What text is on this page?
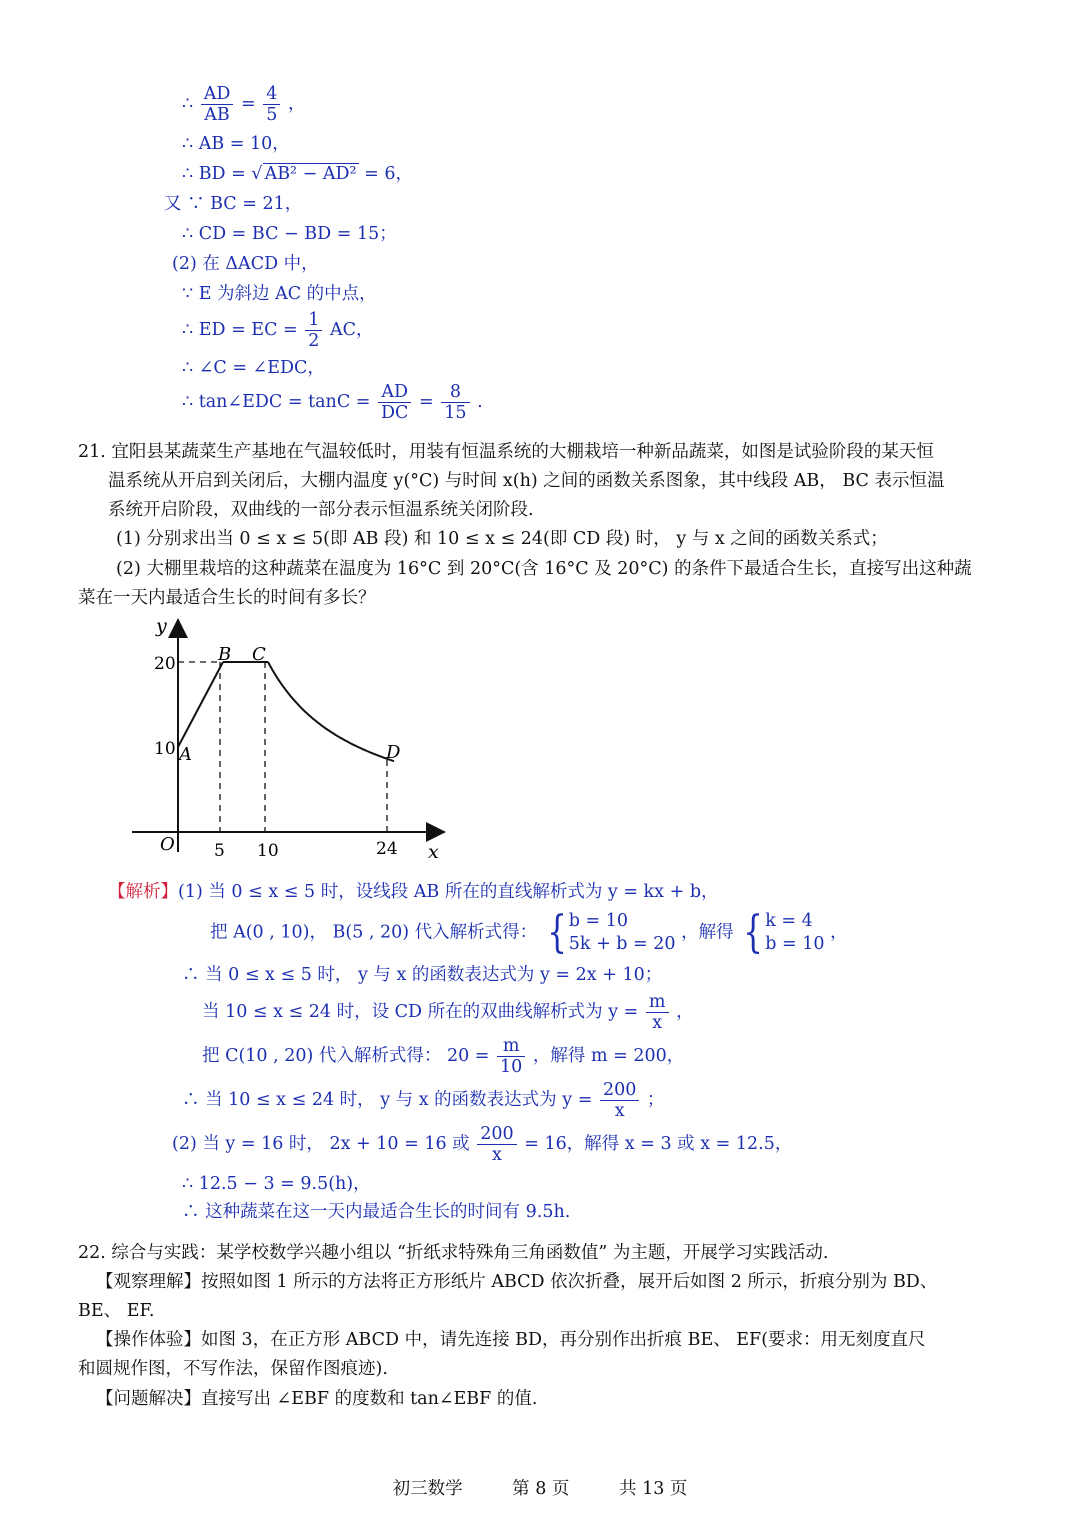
∴ $\frac{AD}{AB} = \frac{4}{5}$ ，
∴ AB = 10，
∴ BD = √ AB² − AD² = 6，
又 ∵ BC = 21，
∴ CD = BC − BD = 15；
(2) 在 ΔACD 中，
∵ E 为斜边 AC 的中点，
∴ ED = EC = $\frac{1}{2}$ AC，
∴ ∠C = ∠EDC，
∴ tan∠EDC = $\tan C = \frac{AD}{DC} = \frac{8}{15}$ .
21. 宜阳县某蔬菜生产基地在气温较低时，用装有恒温系统的大棚栽培一种新品蔬菜，如图是试验阶段的某天恒
温系统从开启到关闭后，大棚内温度 y(°C) 与时间 x(h) 之间的函数关系图象，其中线段 AB， BC 表示恒温
系统开启阶段，双曲线的一部分表示恒温系统关闭阶段.
(1) 分别求出当 0 ≤ x ≤ 5(即 AB 段) 和 10 ≤ x ≤ 24(即 CD 段) 时， y 与 x 之间的函数关系式；
(2) 大棚里栽培的这种蔬菜在温度为 16°C 到 20°C(含 16°C 及 20°C) 的条件下最适合生长，直接写出这种蔬
菜在一天内最适合生长的时间有多长？
y
x
O
20
10
5 10	24
A
B C
D
【解析】(1) 当 0 ≤ x ≤ 5 时，设线段 AB 所在的直线解析式为 y = kx + b，
把 A(0 , 10)， B(5 , 20) 代入解析式得： { b = 10
5k + b = 20
，解得 { k = 4
b = 10
，
∴ 当 0 ≤ x ≤ 5 时， y 与 x 的函数表达式为 y = 2x + 10；
当 10 ≤ x ≤ 24 时，设 CD 所在的双曲线解析式为 $y = \frac{m}{x}$ ，
把 C(10 , 20) 代入解析式得： $20 = \frac{m}{10}$ ，解得 m = 200，
∴ 当 10 ≤ x ≤ 24 时， y 与 x 的函数表达式为 $y = \frac{200}{x}$ ；
(2) 当 y = 16 时， 2x + 10 = 16 或 $\frac{200}{x} = 16$，解得 x = 3 或 x = 12.5，
∴ 12.5 − 3 = 9.5(h)，
∴ 这种蔬菜在这一天内最适合生长的时间有 9.5h.
22. 综合与实践：某学校数学兴趣小组以 “折纸求特殊角三角函数值” 为主题，开展学习实践活动.
【观察理解】按照如图 1 所示的方法将正方形纸片 ABCD 依次折叠，展开后如图 2 所示，折痕分别为 BD、
BE、 EF.
【操作体验】如图 3，在正方形 ABCD 中，请先连接 BD，再分别作出折痕 BE、 EF(要求：用无刻度直尺
和圆规作图，不写作法，保留作图痕迹).
【问题解决】直接写出 ∠EBF 的度数和 tan∠EBF 的值.
初三数学	第 8 页	共 13 页
